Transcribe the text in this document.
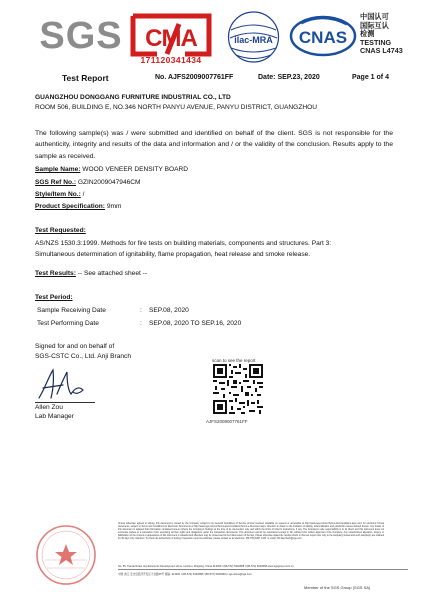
SGS CMA
171120341434
ilac-MRA CNAS
中国认可
国际互认
检测
TESTING
CNAS L4743
Test Report	No. AJFS2009007761FF	Date: SEP.23, 2020	Page 1 of 4
GUANGZHOU DONGGANG FURNITURE INDUSTRIAL CO., LTD
ROOM 506, BUILDING E, NO.346 NORTH PANYU AVENUE, PANYU DISTRICT, GUANGZHOU
The following sample(s) was / were submitted and identified on behalf of the client. SGS is not responsible for the authenticity, integrity and results of the data and information and / or the validity of the conclusion. Results apply to the sample as received.
Sample Name: WOOD VENEER DENSITY BOARD
SGS Ref No.: GZIN2009047946CM
Style/Item No.: /
Product Specification: 9mm
Test Requested:
AS/NZS 1530.3:1999. Methods for fire tests on building materials, components and structures. Part 3:
Simultaneous determination of ignitability, flame propagation, heat release and smoke release.
Test Results: -- See attached sheet --
Test Period:
Sample Receiving Date	: SEP.08, 2020
Test Performing Date	: SEP.08, 2020 TO SEP.16, 2020
Signed for and on behalf of
SGS-CSTC Co., Ltd. Anji Branch
Allen Zou
Lab Manager
scan to see the report
AJFS2009007761FF
Unless otherwise agreed in writing, this document is issued by the Company subject to its General Conditions of Service printed overleaf, available on request or accessible at http://www.sgs.com/en/Terms-and-Conditions.aspx and, for electronic format documents, subject to Terms and Conditions for Electronic Documents at http://www.sgs.com/en/Terms-and-Conditions/Terms-e-Document.aspx. Attention is drawn to the limitation of liability, indemnification and jurisdiction issues defined therein. Any holder of this document is advised that information contained hereon reflects the Company's findings at the time of its intervention only and within the limits of Client's instructions, if any. The Company's sole responsibility is to its Client and this document does not exonerate parties to a transaction from exercising all their rights and obligations under the transaction documents. This document cannot be reproduced except in full, without prior written approval of the Company. Any unauthorized alteration, forgery or falsification of the content or appearance of this document is unlawful and offenders may be prosecuted to the fullest extent of the law. Unless otherwise stated the results shown in this test report refer only to the sample(s) tested and such sample(s) are retained for 30 days only. Attention: To check the authenticity of testing / inspection report & certificate, please contact us at telephone: (86-755) 8307 1443, or email: CN.Doccheck@sgs.com
No. 55, Tiantai Road, Anji Economic Development Zone, Huzhou, Zhejiang, China 313300 t (86-572) 5303688 f (86-572) 5303668 www.sgsgroup.com.cn
中国·浙江·安吉县经济开发区天台路55号 邮编: 313300 t (86-572) 5303688 f (86-572) 5303668 e sgs.china@sgs.com
Member of the SGS Group (SGS SA)
